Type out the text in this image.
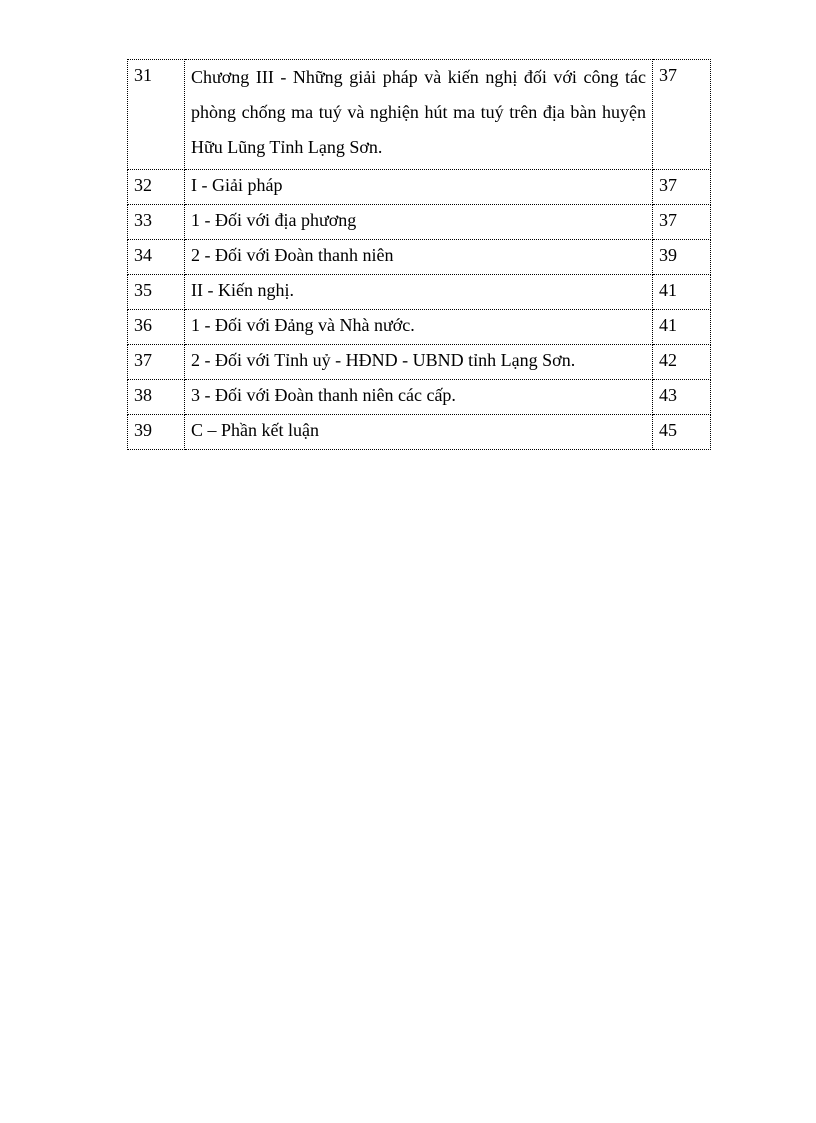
31	Chương III - Những giải pháp và kiến nghị đối với công tác phòng chống ma tuý và nghiện hút ma tuý trên địa bàn huyện Hữu Lũng Tỉnh Lạng Sơn.	37
32	I - Giải pháp	37
33	1 - Đối với địa phương	37
34	2 - Đối với Đoàn thanh niên	39
35	II - Kiến nghị.	41
36	1 - Đối với Đảng và Nhà nước.	41
37	2 - Đối với Tỉnh uỷ - HĐND - UBND tỉnh Lạng Sơn.	42
38	3 - Đối với Đoàn thanh niên các cấp.	43
39	C – Phần kết luận	45
